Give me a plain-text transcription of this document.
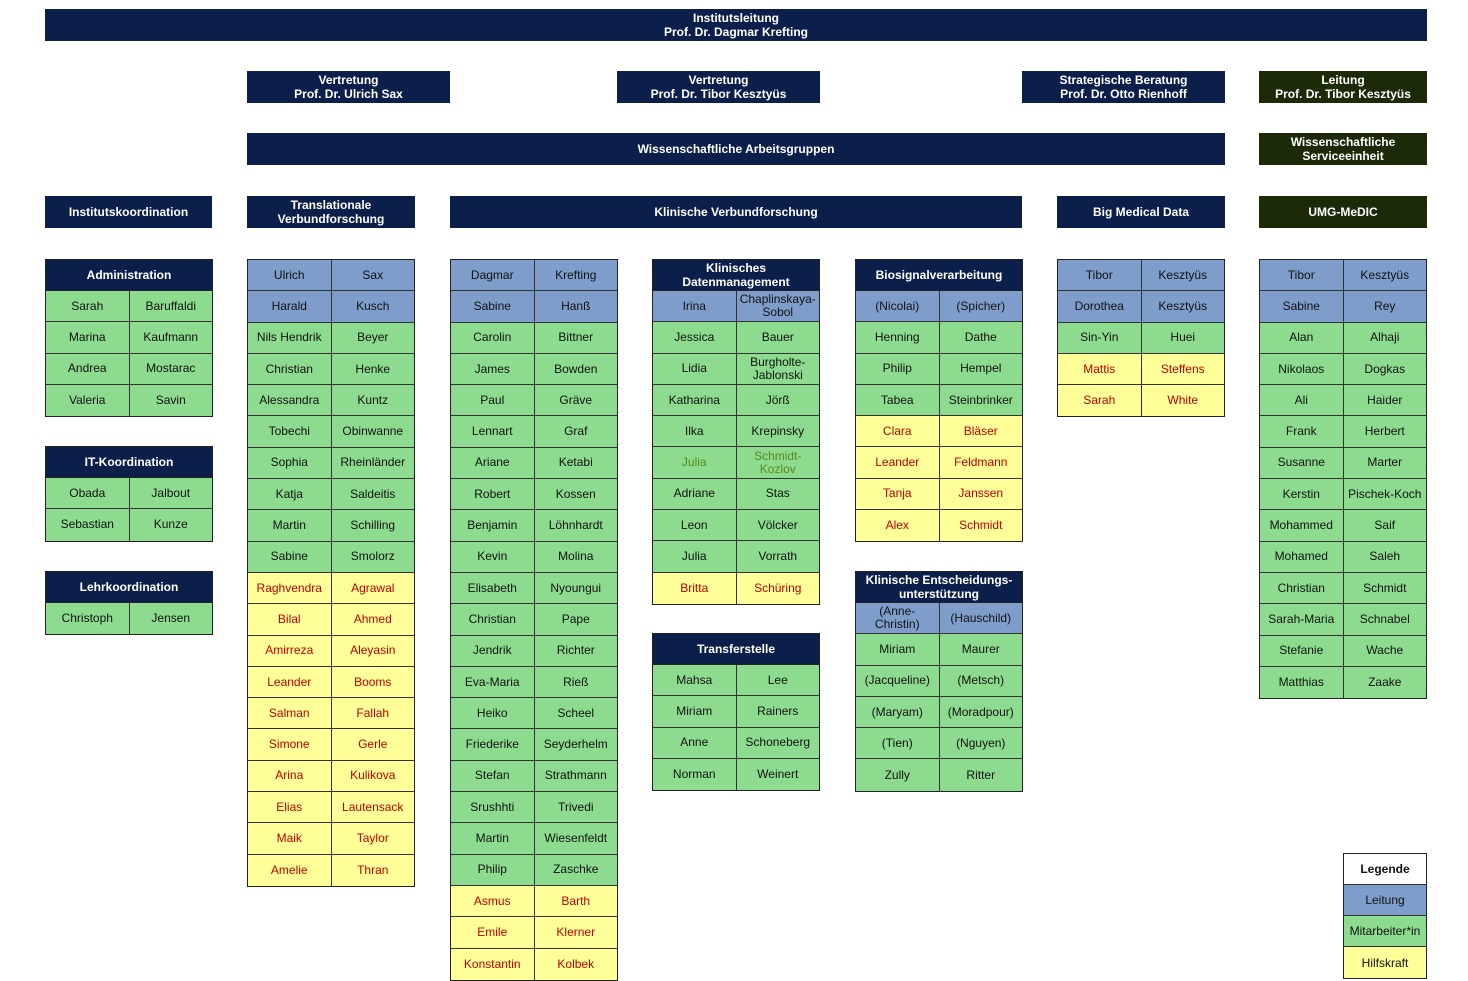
Institutsleitung
Prof. Dr. Dagmar Krefting
Vertretung
Prof. Dr. Ulrich Sax
Vertretung
Prof. Dr. Tibor Kesztyüs
Strategische Beratung
Prof. Dr. Otto Rienhoff
Leitung
Prof. Dr. Tibor Kesztyüs
Wissenschaftliche Arbeitsgruppen	Wissenschaftliche
Serviceeinheit
Institutskoordination	Translationale
Verbundforschung	Klinische Verbundforschung	Big Medical Data	UMG-MeDIC
Administration
Sarah	Baruffaldi
Marina	Kaufmann
Andrea	Mostarac
Valeria	Savin
IT-Koordination
Obada	Jalbout
Sebastian	Kunze
Lehrkoordination
Christoph	Jensen
Ulrich	Sax
Harald	Kusch
Nils Hendrik	Beyer
Christian	Henke
Alessandra	Kuntz
Tobechi	Obinwanne
Sophia	Rheinländer
Katja	Saldeitis
Martin	Schilling
Sabine	Smolorz
Raghvendra	Agrawal
Bilal	Ahmed
Amirreza	Aleyasin
Leander	Booms
Salman	Fallah
Simone	Gerle
Arina	Kulikova
Elias	Lautensack
Maik	Taylor
Amelie	Thran
Dagmar	Krefting
Sabine	Hanß
Carolin	Bittner
James	Bowden
Paul	Gräve
Lennart	Graf
Ariane	Ketabi
Robert	Kossen
Benjamin	Löhnhardt
Kevin	Molina
Elisabeth	Nyoungui
Christian	Pape
Jendrik	Richter
Eva-Maria	Rieß
Heiko	Scheel
Friederike	Seyderhelm
Stefan	Strathmann
Srushhti	Trivedi
Martin	Wiesenfeldt
Philip	Zaschke
Asmus	Barth
Emile	Klerner
Konstantin	Kolbek
Klinisches
Datenmanagement
Irina	Chaplinskaya-Sobol
Jessica	Bauer
Lidia	Burgholte-Jablonski
Katharina	Jörß
Ilka	Krepinsky
Julia	Schmidt-Kozlov
Adriane	Stas
Leon	Völcker
Julia	Vorrath
Britta	Schüring
Transferstelle
Mahsa	Lee
Miriam	Rainers
Anne	Schoneberg
Norman	Weinert
Biosignalverarbeitung
(Nicolai)	(Spicher)
Henning	Dathe
Philip	Hempel
Tabea	Steinbrinker
Clara	Bläser
Leander	Feldmann
Tanja	Janssen
Alex	Schmidt
Klinische Entscheidungs-
unterstützung
(Anne-Christin)	(Hauschild)
Miriam	Maurer
(Jacqueline)	(Metsch)
(Maryam)	(Moradpour)
(Tien)	(Nguyen)
Zully	Ritter
Tibor	Kesztyüs
Dorothea	Kesztyüs
Sin-Yin	Huei
Mattis	Steffens
Sarah	White
Tibor	Kesztyüs
Sabine	Rey
Alan	Alhaji
Nikolaos	Dogkas
Ali	Haider
Frank	Herbert
Susanne	Marter
Kerstin	Pischek-Koch
Mohammed	Saif
Mohamed	Saleh
Christian	Schmidt
Sarah-Maria	Schnabel
Stefanie	Wache
Matthias	Zaake
Legende
Leitung
Mitarbeiter*in
Hilfskraft
